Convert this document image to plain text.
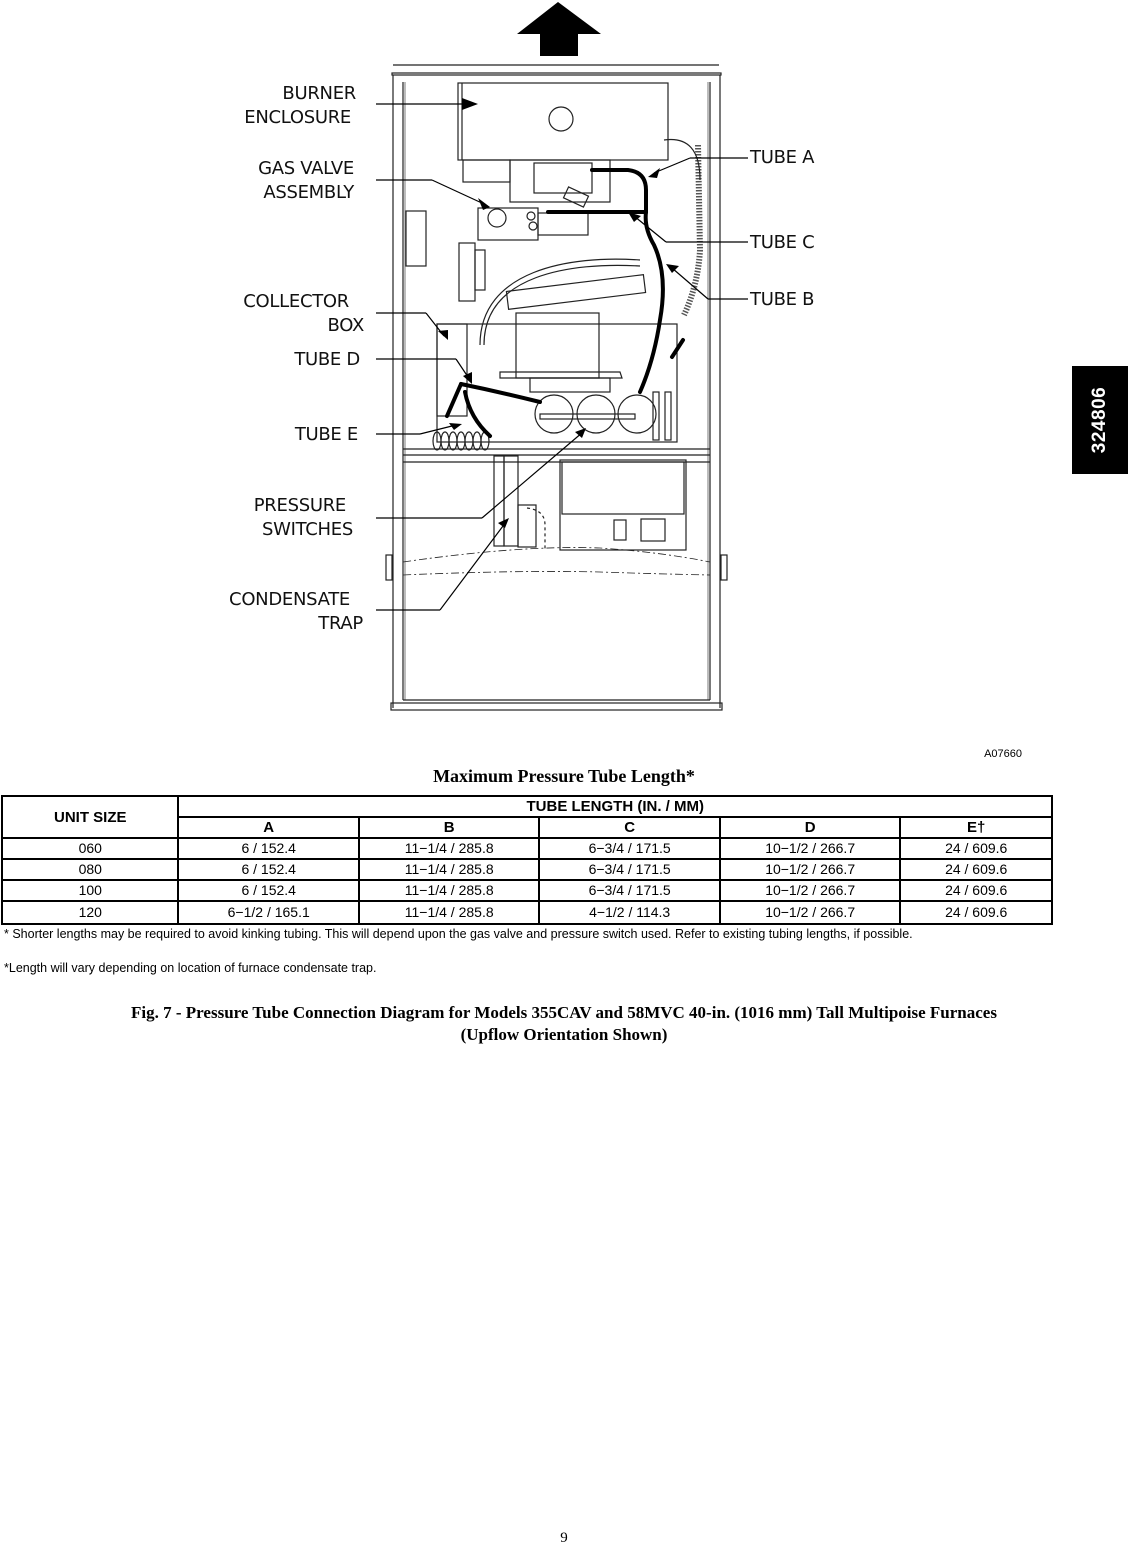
BURNER
ENCLOSURE
GAS VALVE
ASSEMBLY
COLLECTOR
BOX
TUBE D
TUBE E
PRESSURE
SWITCHES
CONDENSATE
TRAP
TUBE A
TUBE C
TUBE B
324806
A07660
Maximum Pressure Tube Length*
UNIT SIZE	TUBE LENGTH (IN. / MM)				
	A	B	C	D	E†
060	6 / 152.4	11−1/4 / 285.8	6−3/4 / 171.5	10−1/2 / 266.7	24 / 609.6
080	6 / 152.4	11−1/4 / 285.8	6−3/4 / 171.5	10−1/2 / 266.7	24 / 609.6
100	6 / 152.4	11−1/4 / 285.8	6−3/4 / 171.5	10−1/2 / 266.7	24 / 609.6
120	6−1/2 / 165.1	11−1/4 / 285.8	4−1/2 / 114.3	10−1/2 / 266.7	24 / 609.6
* Shorter lengths may be required to avoid kinking tubing. This will depend upon the gas valve and pressure switch used. Refer to existing tubing lengths, if possible.
*Length will vary depending on location of furnace condensate trap.
Fig. 7 - Pressure Tube Connection Diagram for Models 355CAV and 58MVC 40-in. (1016 mm) Tall Multipoise Furnaces
(Upflow Orientation Shown)
9
